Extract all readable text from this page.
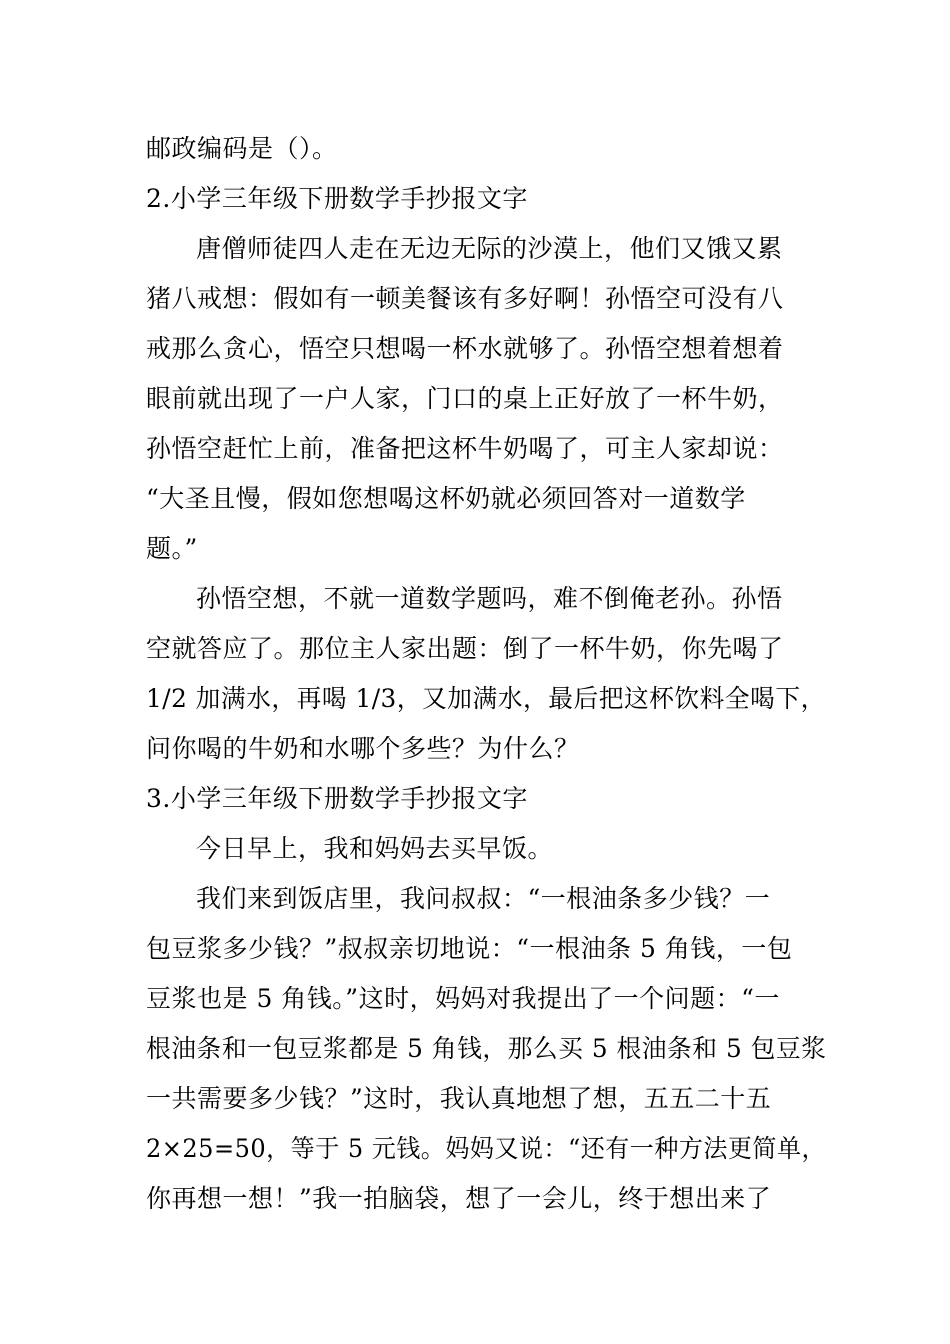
邮政编码是（）。
2.小学三年级下册数学手抄报文字
唐僧师徒四人走在无边无际的沙漠上，他们又饿又累
猪八戒想：假如有一顿美餐该有多好啊！孙悟空可没有八
戒那么贪心，悟空只想喝一杯水就够了。孙悟空想着想着
眼前就出现了一户人家，门口的桌上正好放了一杯牛奶，
孙悟空赶忙上前，准备把这杯牛奶喝了，可主人家却说：
“大圣且慢，假如您想喝这杯奶就必须回答对一道数学
题。”
孙悟空想，不就一道数学题吗，难不倒俺老孙。孙悟
空就答应了。那位主人家出题：倒了一杯牛奶，你先喝了
1/2 加满水，再喝 1/3，又加满水，最后把这杯饮料全喝下，
问你喝的牛奶和水哪个多些？为什么？
3.小学三年级下册数学手抄报文字
今日早上，我和妈妈去买早饭。
我们来到饭店里，我问叔叔：“一根油条多少钱？一
包豆浆多少钱？”叔叔亲切地说：“一根油条 5 角钱，一包
豆浆也是 5 角钱。”这时，妈妈对我提出了一个问题：“一
根油条和一包豆浆都是 5 角钱，那么买 5 根油条和 5 包豆浆
一共需要多少钱？”这时，我认真地想了想，五五二十五
2×25=50，等于 5 元钱。妈妈又说：“还有一种方法更简单，
你再想一想！”我一拍脑袋，想了一会儿，终于想出来了
